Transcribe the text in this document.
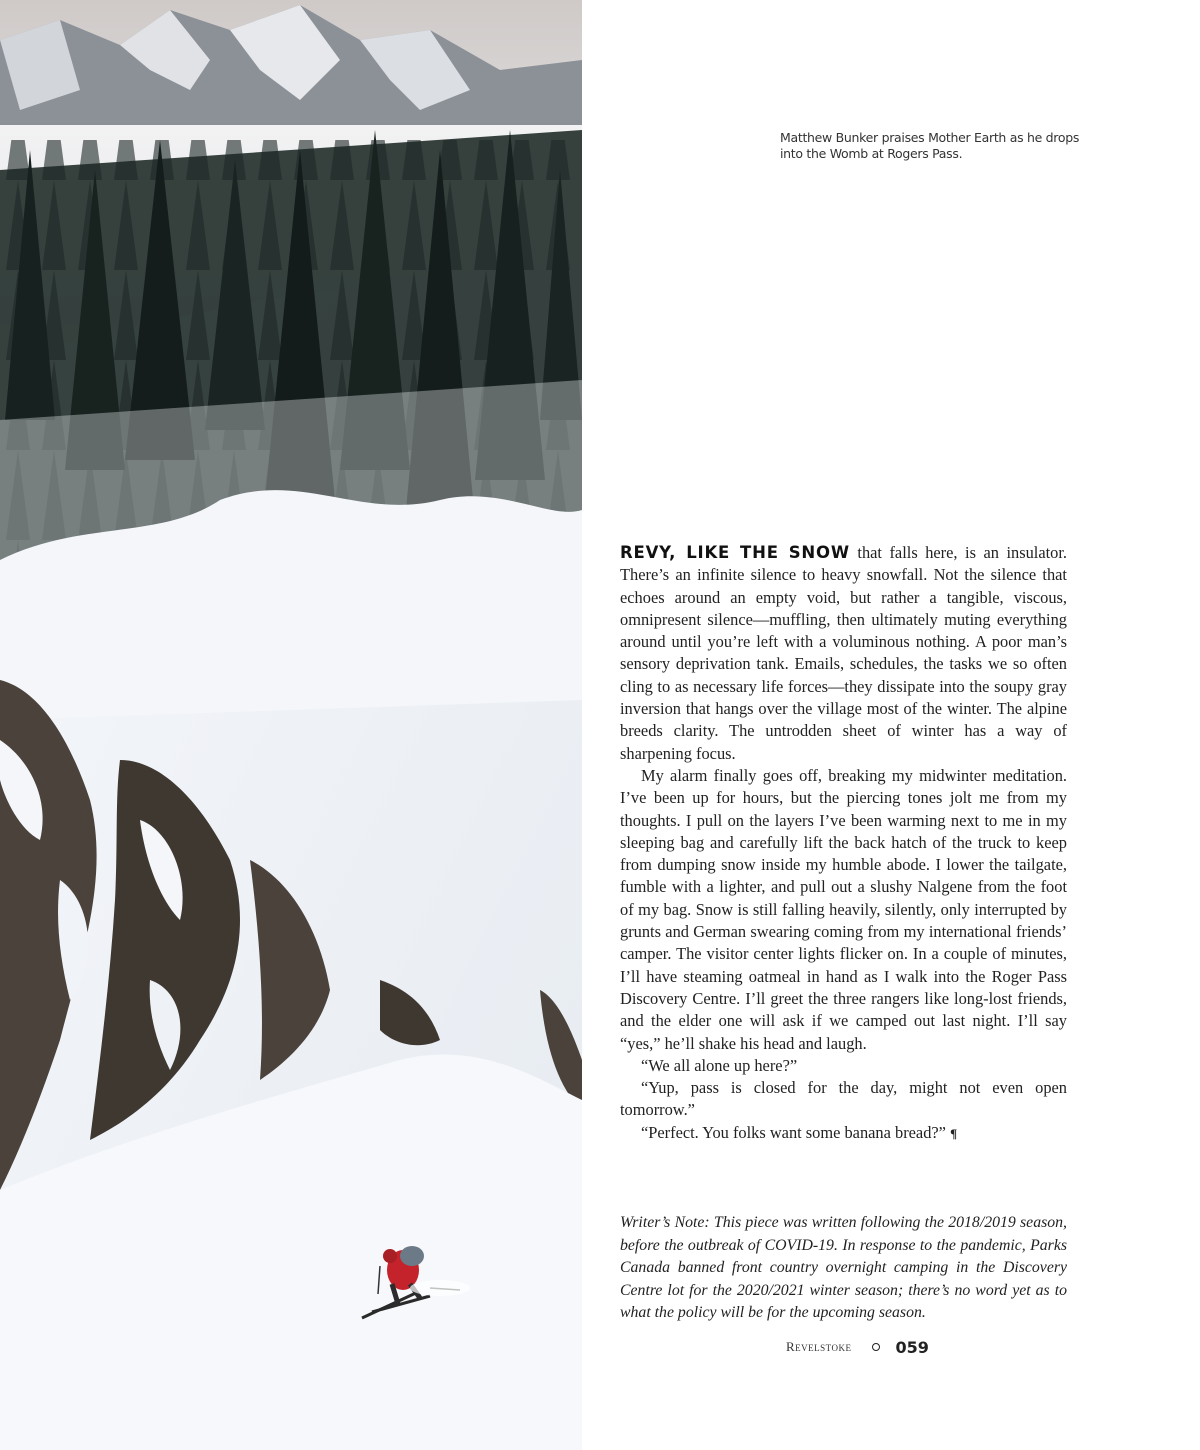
Matthew Bunker praises Mother Earth as he drops into the Womb at Rogers Pass.

REVY, LIKE THE SNOW that falls here, is an insulator. There’s an infinite silence to heavy snowfall. Not the silence that echoes around an empty void, but rather a tangible, viscous, omnipresent silence—muffling, then ultimately muting everything around until you’re left with a voluminous nothing. A poor man’s sensory deprivation tank. Emails, schedules, the tasks we so often cling to as necessary life forces—they dissipate into the soupy gray inversion that hangs over the village most of the winter. The alpine breeds clarity. The untrodden sheet of winter has a way of sharpening focus.

My alarm finally goes off, breaking my midwinter meditation. I’ve been up for hours, but the piercing tones jolt me from my thoughts. I pull on the layers I’ve been warming next to me in my sleeping bag and carefully lift the back hatch of the truck to keep from dumping snow inside my humble abode. I lower the tailgate, fumble with a lighter, and pull out a slushy Nalgene from the foot of my bag. Snow is still falling heavily, silently, only interrupted by grunts and German swearing coming from my international friends’ camper. The visitor center lights flicker on. In a couple of minutes, I’ll have steaming oatmeal in hand as I walk into the Roger Pass Discovery Centre. I’ll greet the three rangers like long-lost friends, and the elder one will ask if we camped out last night. I’ll say “yes,” he’ll shake his head and laugh.

“We all alone up here?”

“Yup, pass is closed for the day, might not even open tomorrow.”

“Perfect. You folks want some banana bread?” ¶

Writer’s Note: This piece was written following the 2018/2019 season, before the outbreak of COVID-19. In response to the pandemic, Parks Canada banned front country overnight camping in the Discovery Centre lot for the 2020/2021 winter season; there’s no word yet as to what the policy will be for the upcoming season.
Revelstoke	059
